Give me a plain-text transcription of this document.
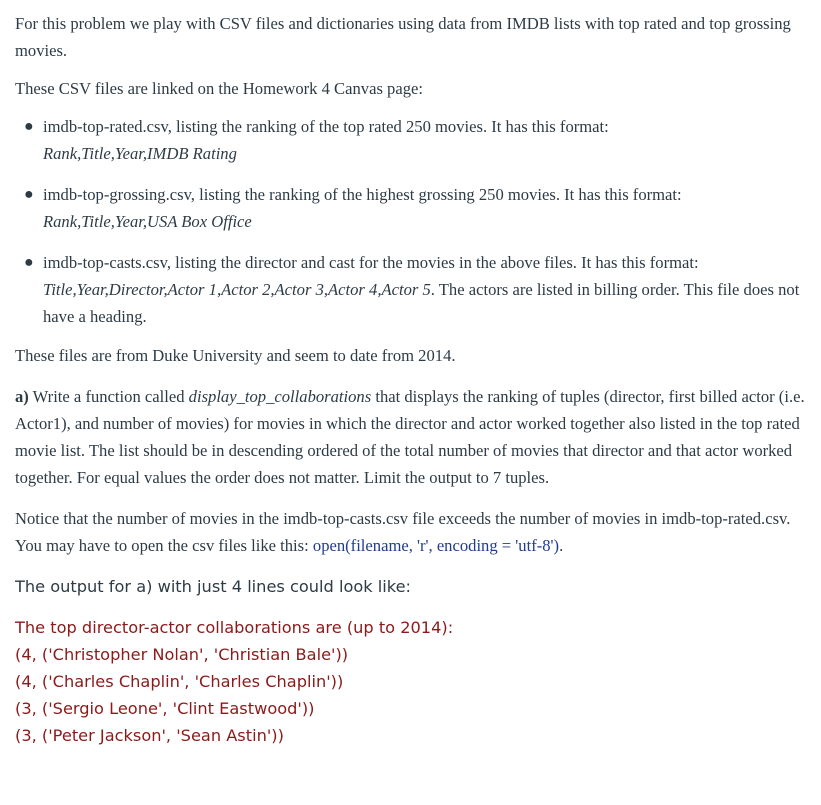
For this problem we play with CSV files and dictionaries using data from IMDB lists with top rated and top grossing movies.

These CSV files are linked on the Homework 4 Canvas page:

● imdb-top-rated.csv, listing the ranking of the top rated 250 movies. It has this format:
Rank,Title,Year,IMDB Rating
● imdb-top-grossing.csv, listing the ranking of the highest grossing 250 movies. It has this format:
Rank,Title,Year,USA Box Office
● imdb-top-casts.csv, listing the director and cast for the movies in the above files. It has this format:
Title,Year,Director,Actor 1,Actor 2,Actor 3,Actor 4,Actor 5. The actors are listed in billing order. This file does not have a heading.

These files are from Duke University and seem to date from 2014.

a) Write a function called display_top_collaborations that displays the ranking of tuples (director, first billed actor (i.e. Actor1), and number of movies) for movies in which the director and actor worked together also listed in the top rated movie list. The list should be in descending ordered of the total number of movies that director and that actor worked together. For equal values the order does not matter. Limit the output to 7 tuples.

Notice that the number of movies in the imdb-top-casts.csv file exceeds the number of movies in imdb-top-rated.csv. You may have to open the csv files like this: open(filename, 'r', encoding = 'utf-8').

The output for a) with just 4 lines could look like:

The top director-actor collaborations are (up to 2014):
(4, ('Christopher Nolan', 'Christian Bale'))
(4, ('Charles Chaplin', 'Charles Chaplin'))
(3, ('Sergio Leone', 'Clint Eastwood'))
(3, ('Peter Jackson', 'Sean Astin'))
